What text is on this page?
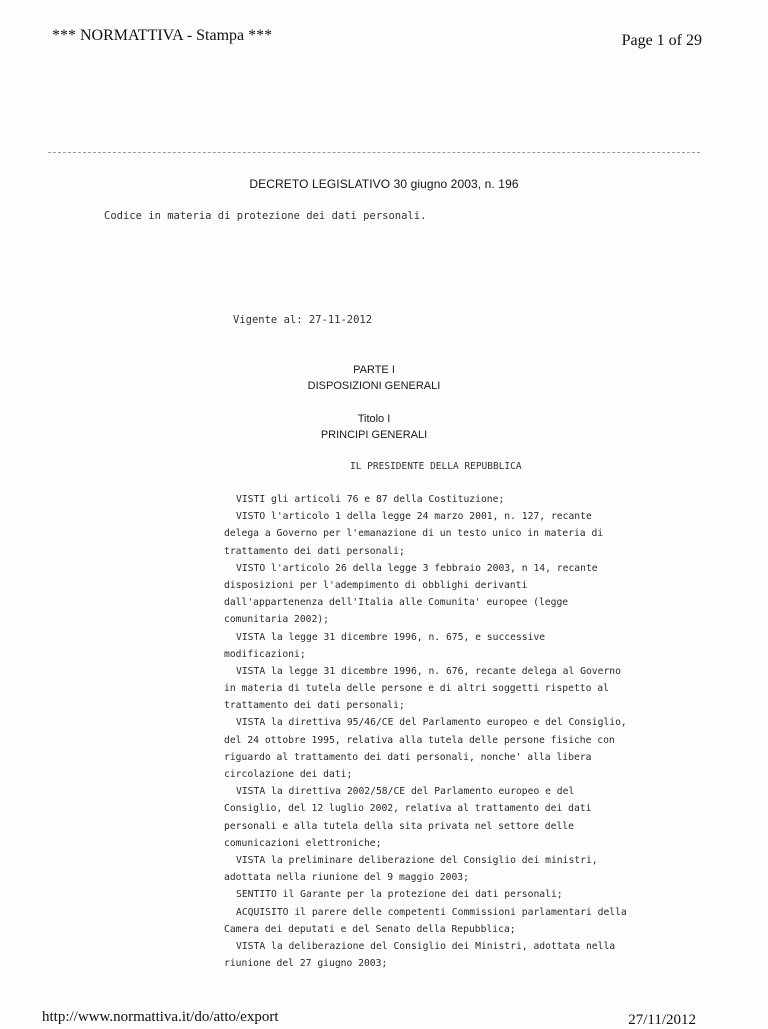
*** NORMATTIVA - Stampa ***	Page 1 of 29
DECRETO LEGISLATIVO 30 giugno 2003, n. 196
Codice in materia di protezione dei dati personali.
Vigente al: 27-11-2012
PARTE I
DISPOSIZIONI GENERALI
Titolo I
PRINCIPI GENERALI
IL PRESIDENTE DELLA REPUBBLICA
VISTI gli articoli 76 e 87 della Costituzione;
VISTO l'articolo 1 della legge 24 marzo 2001, n. 127, recante
delega a Governo per l'emanazione di un testo unico in materia di
trattamento dei dati personali;
VISTO l'articolo 26 della legge 3 febbraio 2003, n 14, recante
disposizioni per l'adempimento di obblighi derivanti
dall'appartenenza dell'Italia alle Comunita' europee (legge
comunitaria 2002);
VISTA la legge 31 dicembre 1996, n. 675, e successive
modificazioni;
VISTA la legge 31 dicembre 1996, n. 676, recante delega al Governo
in materia di tutela delle persone e di altri soggetti rispetto al
trattamento dei dati personali;
VISTA la direttiva 95/46/CE del Parlamento europeo e del Consiglio,
del 24 ottobre 1995, relativa alla tutela delle persone fisiche con
riguardo al trattamento dei dati personali, nonche' alla libera
circolazione dei dati;
VISTA la direttiva 2002/58/CE del Parlamento europeo e del
Consiglio, del 12 luglio 2002, relativa al trattamento dei dati
personali e alla tutela della sita privata nel settore delle
comunicazioni elettroniche;
VISTA la preliminare deliberazione del Consiglio dei ministri,
adottata nella riunione del 9 maggio 2003;
SENTITO il Garante per la protezione dei dati personali;
ACQUISITO il parere delle competenti Commissioni parlamentari della
Camera dei deputati e del Senato della Repubblica;
VISTA la deliberazione del Consiglio dei Ministri, adottata nella
riunione del 27 giugno 2003;
http://www.normattiva.it/do/atto/export	27/11/2012
